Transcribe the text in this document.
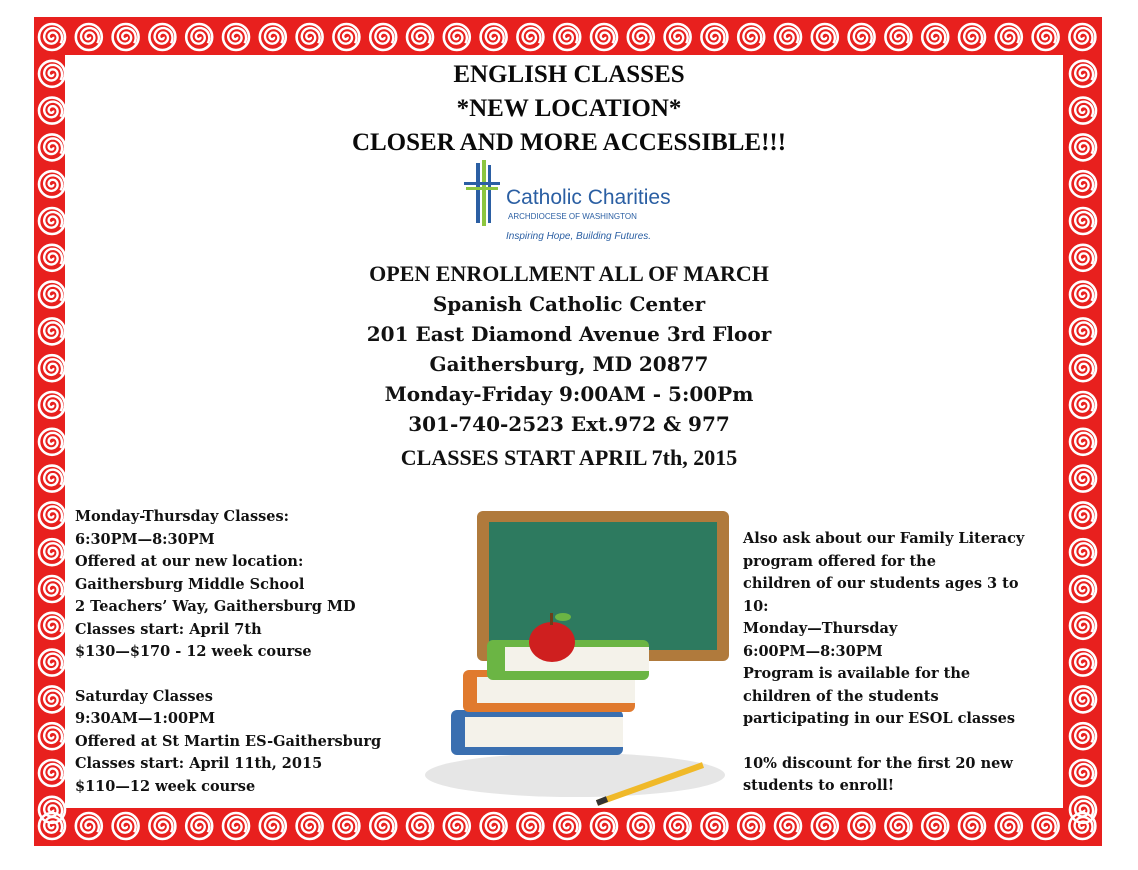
ENGLISH CLASSES
*NEW LOCATION*
CLOSER AND MORE ACCESSIBLE!!!
Catholic Charities
ARCHDIOCESE OF WASHINGTON
Inspiring Hope, Building Futures.
OPEN ENROLLMENT ALL OF MARCH
Spanish Catholic Center
201 East Diamond Avenue 3rd Floor
Gaithersburg, MD 20877
Monday-Friday 9:00AM - 5:00Pm
301-740-2523 Ext.972 & 977
CLASSES START APRIL 7th, 2015
Monday-Thursday Classes:
6:30PM—8:30PM
Offered at our new location:
Gaithersburg Middle School
2 Teachers’ Way, Gaithersburg MD
Classes start: April 7th
$130—$170 - 12 week course
Saturday Classes
9:30AM—1:00PM
Offered at St Martin ES-Gaithersburg
Classes start: April 11th, 2015
$110—12 week course
Also ask about our Family Literacy
program offered for the
children of our students ages 3 to
10:
Monday—Thursday
6:00PM—8:30PM
Program is available for the
children of the students
participating in our ESOL classes
10% discount for the first 20 new
students to enroll!
